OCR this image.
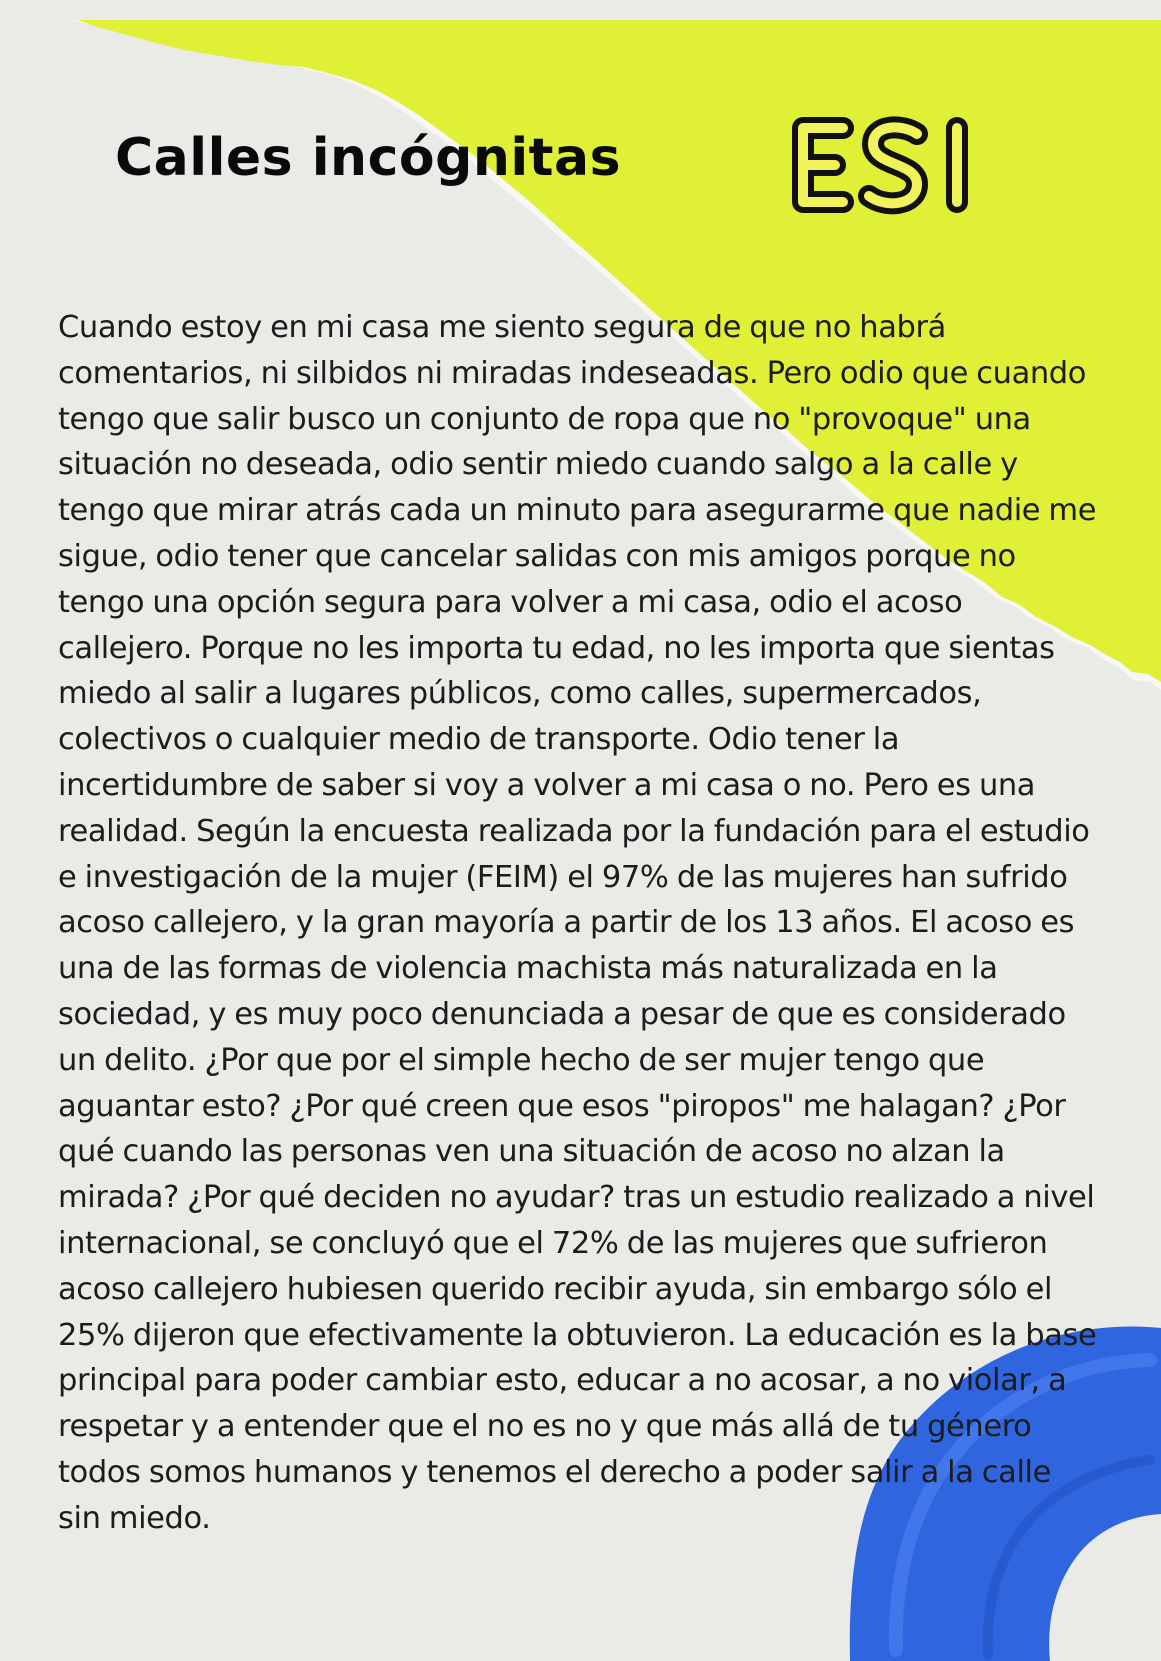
Calles incógnitas

Cuando estoy en mi casa me siento segura de que no habrá comentarios, ni silbidos ni miradas indeseadas. Pero odio que cuando tengo que salir busco un conjunto de ropa que no "provoque" una situación no deseada, odio sentir miedo cuando salgo a la calle y tengo que mirar atrás cada un minuto para asegurarme que nadie me sigue, odio tener que cancelar salidas con mis amigos porque no tengo una opción segura para volver a mi casa, odio el acoso callejero. Porque no les importa tu edad, no les importa que sientas miedo al salir a lugares públicos, como calles, supermercados, colectivos o cualquier medio de transporte. Odio tener la incertidumbre de saber si voy a volver a mi casa o no. Pero es una realidad. Según la encuesta realizada por la fundación para el estudio e investigación de la mujer (FEIM) el 97% de las mujeres han sufrido acoso callejero, y la gran mayoría a partir de los 13 años. El acoso es una de las formas de violencia machista más naturalizada en la sociedad, y es muy poco denunciada a pesar de que es considerado un delito. ¿Por que por el simple hecho de ser mujer tengo que aguantar esto? ¿Por qué creen que esos "piropos" me halagan? ¿Por qué cuando las personas ven una situación de acoso no alzan la mirada? ¿Por qué deciden no ayudar? tras un estudio realizado a nivel internacional, se concluyó que el 72% de las mujeres que sufrieron acoso callejero hubiesen querido recibir ayuda, sin embargo sólo el 25% dijeron que efectivamente la obtuvieron. La educación es la base principal para poder cambiar esto, educar a no acosar, a no violar, a respetar y a entender que el no es no y que más allá de tu género todos somos humanos y tenemos el derecho a poder salir a la calle sin miedo.
